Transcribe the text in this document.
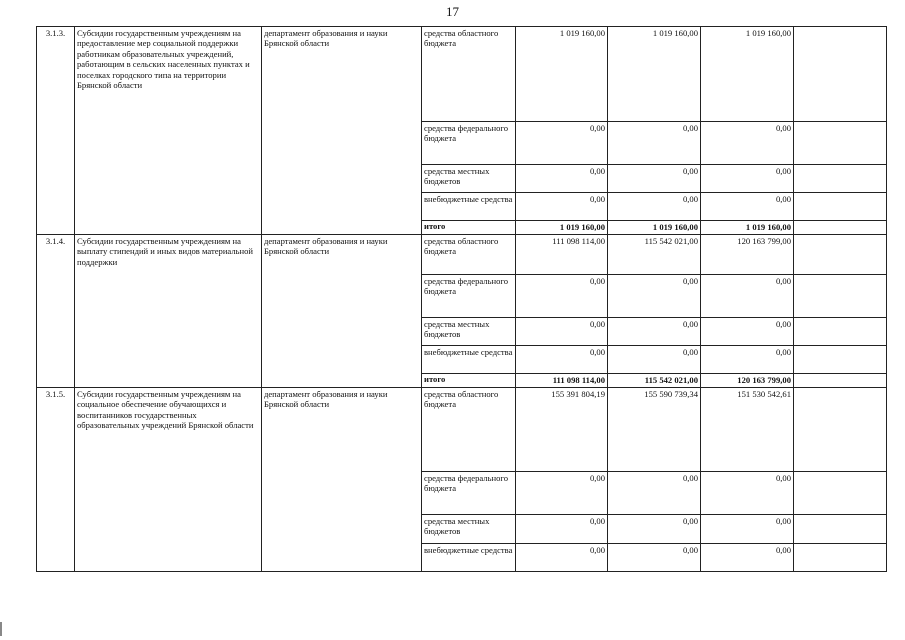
17
3.1.3.	Субсидии государственным учреждениям на предоставление мер социальной поддержки работникам образовательных учреждений, работающим в сельских населенных пунктах и поселках городского типа на территории Брянской области	департамент образования и науки Брянской области	средства областного бюджета	1 019 160,00	1 019 160,00	1 019 160,00	
			средства федерального бюджета	0,00	0,00	0,00	
			средства местных бюджетов	0,00	0,00	0,00	
			внебюджетные средства	0,00	0,00	0,00	
			итого	1 019 160,00	1 019 160,00	1 019 160,00	
3.1.4.	Субсидии государственным учреждениям на выплату стипендий и иных видов материальной поддержки	департамент образования и науки Брянской области	средства областного бюджета	111 098 114,00	115 542 021,00	120 163 799,00	
			средства федерального бюджета	0,00	0,00	0,00	
			средства местных бюджетов	0,00	0,00	0,00	
			внебюджетные средства	0,00	0,00	0,00	
			итого	111 098 114,00	115 542 021,00	120 163 799,00	
3.1.5.	Субсидии государственным учреждениям на социальное обеспечение обучающихся и воспитанников государственных образовательных учреждений Брянской области	департамент образования и науки Брянской области	средства областного бюджета	155 391 804,19	155 590 739,34	151 530 542,61	
			средства федерального бюджета	0,00	0,00	0,00	
			средства местных бюджетов	0,00	0,00	0,00	
			внебюджетные средства	0,00	0,00	0,00	
